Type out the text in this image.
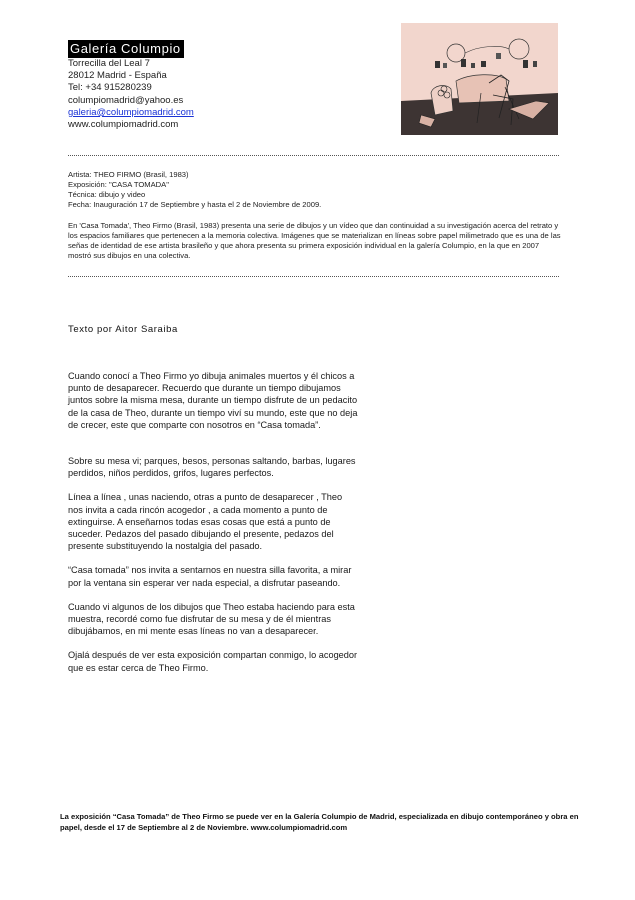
Galería Columpio
Torrecilla del Leal 7
28012 Madrid - España
Tel: +34 915280239
columpiomadrid@yahoo.es
galeria@columpiomadrid.com
www.columpiomadrid.com
Artista: THEO FIRMO (Brasil, 1983)
Exposición: "CASA TOMADA"
Técnica: dibujo y video
Fecha: Inauguración 17 de Septiembre y hasta el 2 de Noviembre de 2009.
En 'Casa Tomada', Theo Firmo (Brasil, 1983) presenta una serie de dibujos y un vídeo que dan continuidad a su investigación acerca del retrato y los espacios familiares que pertenecen a la memoria colectiva. Imágenes que se materializan en líneas sobre papel milimetrado que es una de las señas de identidad de ese artista brasileño y que ahora presenta su primera exposición individual en la galería Columpio, en la que en 2007 mostró sus dibujos en una colectiva.
Texto por Aitor Saraiba

Cuando conocí a Theo Firmo yo dibuja animales muertos y él chicos a punto de desaparecer. Recuerdo que durante un tiempo dibujamos juntos sobre la misma mesa, durante un tiempo disfrute de un pedacito de la casa de Theo, durante un tiempo viví su mundo, este que no deja de crecer, este que comparte con nosotros en “Casa tomada”.

Sobre su mesa vi; parques, besos, personas saltando, barbas, lugares perdidos, niños perdidos, grifos, lugares perfectos.

Línea a línea , unas naciendo, otras a punto de desaparecer , Theo nos invita a cada rincón acogedor , a cada momento a punto de extinguirse. A enseñarnos todas esas cosas que está a punto de suceder. Pedazos del pasado dibujando el presente, pedazos del presente substituyendo la nostalgia del pasado.

“Casa tomada” nos invita a sentarnos en nuestra silla favorita, a mirar por la ventana sin esperar ver nada especial, a disfrutar paseando.

Cuando vi algunos de los dibujos que Theo estaba haciendo para esta muestra, recordé como fue disfrutar de su mesa y de él mientras dibujábamos, en mi mente esas líneas no van a desaparecer.

Ojalá después de ver esta exposición compartan conmigo, lo acogedor que es estar cerca de Theo Firmo.

La exposición “Casa Tomada” de Theo Firmo se puede ver en la Galería Columpio de Madrid, especializada en dibujo contemporáneo y obra en papel, desde el 17 de Septiembre al 2 de Noviembre. www.columpiomadrid.com
